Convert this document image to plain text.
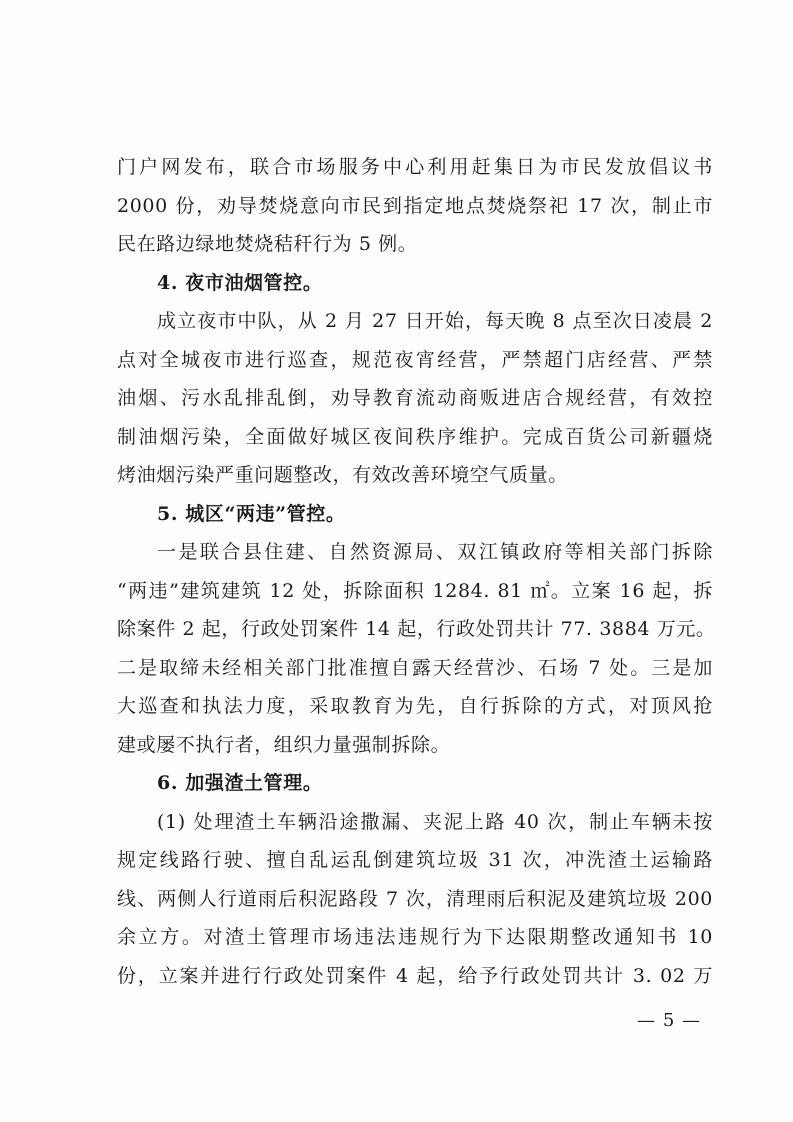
门户网发布，联合市场服务中心利用赶集日为市民发放倡议书
2000 份，劝导焚烧意向市民到指定地点焚烧祭祀 17 次，制止市
民在路边绿地焚烧秸秆行为 5 例。
4. 夜市油烟管控。
成立夜市中队，从 2 月 27 日开始，每天晚 8 点至次日凌晨 2
点对全城夜市进行巡查，规范夜宵经营，严禁超门店经营、严禁
油烟、污水乱排乱倒，劝导教育流动商贩进店合规经营，有效控
制油烟污染，全面做好城区夜间秩序维护。完成百货公司新疆烧
烤油烟污染严重问题整改，有效改善环境空气质量。
5. 城区“两违”管控。
一是联合县住建、自然资源局、双江镇政府等相关部门拆除
“两违”建筑建筑 12 处，拆除面积 1284. 81 ㎡。立案 16 起，拆
除案件 2 起，行政处罚案件 14 起，行政处罚共计 77. 3884 万元。
二是取缔未经相关部门批准擅自露天经营沙、石场 7 处。三是加
大巡查和执法力度，采取教育为先，自行拆除的方式，对顶风抢
建或屡不执行者，组织力量强制拆除。
6. 加强渣土管理。
(1) 处理渣土车辆沿途撒漏、夹泥上路 40 次，制止车辆未按
规定线路行驶、擅自乱运乱倒建筑垃圾 31 次，冲洗渣土运输路
线、两侧人行道雨后积泥路段 7 次，清理雨后积泥及建筑垃圾 200
余立方。对渣土管理市场违法违规行为下达限期整改通知书 10
份，立案并进行行政处罚案件 4 起，给予行政处罚共计 3. 02 万
— 5 —
